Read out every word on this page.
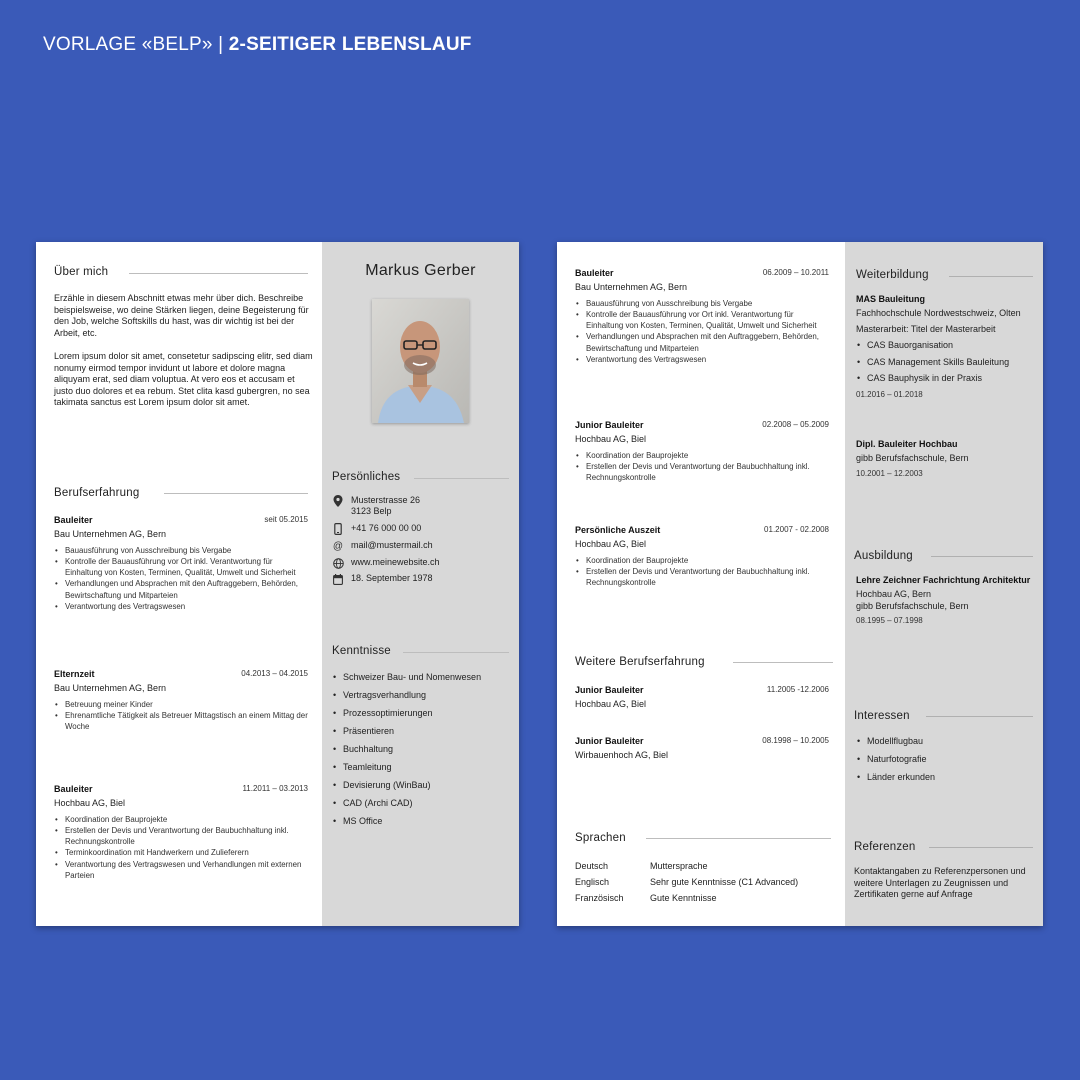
VORLAGE «BELP» | 2-SEITIGER LEBENSLAUF
Über mich
Erzähle in diesem Abschnitt etwas mehr über dich. Beschreibe beispielsweise, wo deine Stärken liegen, deine Begeisterung für den Job, welche Softskills du hast, was dir wichtig ist bei der Arbeit, etc.
Lorem ipsum dolor sit amet, consetetur sadipscing elitr, sed diam nonumy eirmod tempor invidunt ut labore et dolore magna aliquyam erat, sed diam voluptua. At vero eos et accusam et justo duo dolores et ea rebum. Stet clita kasd gubergren, no sea takimata sanctus est Lorem ipsum dolor sit amet.
Berufserfahrung
Bauleiter	seit 05.2015
Bau Unternehmen AG, Bern
• Bauausführung von Ausschreibung bis Vergabe
• Kontrolle der Bauausführung vor Ort inkl. Verantwortung für Einhaltung von Kosten, Terminen, Qualität, Umwelt und Sicherheit
• Verhandlungen und Absprachen mit den Auftraggebern, Behörden, Bewirtschaftung und Mitparteien
• Verantwortung des Vertragswesen
Elternzeit	04.2013 – 04.2015
Bau Unternehmen AG, Bern
• Betreuung meiner Kinder
• Ehrenamtliche Tätigkeit als Betreuer Mittagstisch an einem Mittag der Woche
Bauleiter	11.2011 – 03.2013
Hochbau AG, Biel
• Koordination der Bauprojekte
• Erstellen der Devis und Verantwortung der Baubuchhaltung inkl. Rechnungskontrolle
• Terminkoordination mit Handwerkern und Zulieferern
• Verantwortung des Vertragswesen und Verhandlungen mit externen Parteien
Markus Gerber
Persönliches
Musterstrasse 26
3123 Belp
+41 76 000 00 00
@ mail@mustermail.ch
www.meinewebsite.ch
18. September 1978
Kenntnisse
• Schweizer Bau- und Nomenwesen
• Vertragsverhandlung
• Prozessoptimierungen
• Präsentieren
• Buchhaltung
• Teamleitung
• Devisierung (WinBau)
• CAD (Archi CAD)
• MS Office
Bauleiter	06.2009 – 10.2011
Bau Unternehmen AG, Bern
• Bauausführung von Ausschreibung bis Vergabe
• Kontrolle der Bauausführung vor Ort inkl. Verantwortung für Einhaltung von Kosten, Terminen, Qualität, Umwelt und Sicherheit
• Verhandlungen und Absprachen mit den Auftraggebern, Behörden, Bewirtschaftung und Mitparteien
• Verantwortung des Vertragswesen
Junior Bauleiter	02.2008 – 05.2009
Hochbau AG, Biel
• Koordination der Bauprojekte
• Erstellen der Devis und Verantwortung der Baubuchhaltung inkl. Rechnungskontrolle
Persönliche Auszeit	01.2007 - 02.2008
Hochbau AG, Biel
• Koordination der Bauprojekte
• Erstellen der Devis und Verantwortung der Baubuchhaltung inkl. Rechnungskontrolle
Weitere Berufserfahrung
Junior Bauleiter	11.2005 -12.2006
Hochbau AG, Biel
Junior Bauleiter	08.1998 – 10.2005
Wirbauenhoch AG, Biel
Sprachen
Deutsch	Muttersprache
Englisch	Sehr gute Kenntnisse (C1 Advanced)
Französisch	Gute Kenntnisse
Weiterbildung
MAS Bauleitung
Fachhochschule Nordwestschweiz, Olten
Masterarbeit: Titel der Masterarbeit
• CAS Bauorganisation
• CAS Management Skills Bauleitung
• CAS Bauphysik in der Praxis
01.2016 – 01.2018
Dipl. Bauleiter Hochbau
gibb Berufsfachschule, Bern
10.2001 – 12.2003
Ausbildung
Lehre Zeichner Fachrichtung Architektur
Hochbau AG, Bern
gibb Berufsfachschule, Bern
08.1995 – 07.1998
Interessen
• Modellflugbau
• Naturfotografie
• Länder erkunden
Referenzen
Kontaktangaben zu Referenzpersonen und weitere Unterlagen zu Zeugnissen und Zertifikaten gerne auf Anfrage
